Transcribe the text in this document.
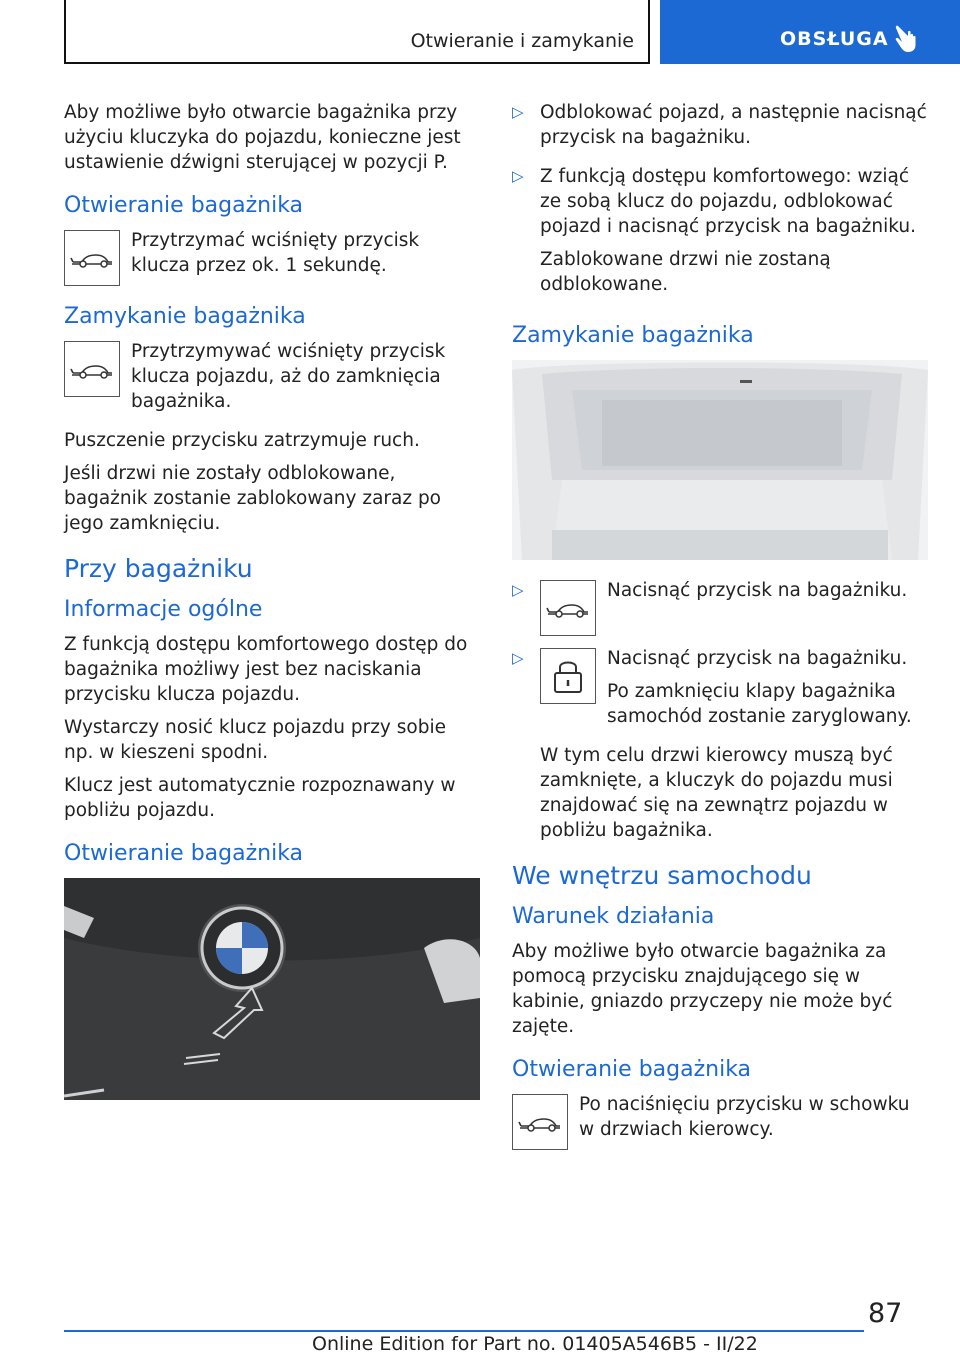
Otwieranie i zamykanie	OBSŁUGA

Aby możliwe było otwarcie bagażnika przy użyciu kluczyka do pojazdu, konieczne jest ustawienie dźwigni sterującej w pozycji P.

Otwieranie bagażnika

Przytrzymać wciśnięty przycisk klucza przez ok. 1 sekundę.

Zamykanie bagażnika

Przytrzymywać wciśnięty przycisk klucza pojazdu, aż do zamknięcia bagażnika.

Puszczenie przycisku zatrzymuje ruch.

Jeśli drzwi nie zostały odblokowane, bagażnik zostanie zablokowany zaraz po jego zamknięciu.

Przy bagażniku
Informacje ogólne

Z funkcją dostępu komfortowego dostęp do bagażnika możliwy jest bez naciskania przycisku klucza pojazdu.

Wystarczy nosić klucz pojazdu przy sobie np. w kieszeni spodni.

Klucz jest automatycznie rozpoznawany w pobliżu pojazdu.

Otwieranie bagażnika
▷ Odblokować pojazd, a następnie nacisnąć przycisk na bagażniku.

▷ Z funkcją dostępu komfortowego: wziąć ze sobą klucz do pojazdu, odblokować pojazd i nacisnąć przycisk na bagażniku.

Zablokowane drzwi nie zostaną odblokowane.

Zamykanie bagażnika
▷	Nacisnąć przycisk na bagażniku.

▷	Nacisnąć przycisk na bagażniku.

Po zamknięciu klapy bagażnika samochód zostanie zaryglowany.

W tym celu drzwi kierowcy muszą być zamknięte, a kluczyk do pojazdu musi znajdować się na zewnątrz pojazdu w pobliżu bagażnika.

We wnętrzu samochodu
Warunek działania

Aby możliwe było otwarcie bagażnika za pomocą przycisku znajdującego się w kabinie, gniazdo przyczepy nie może być zajęte.

Otwieranie bagażnika

Po naciśnięciu przycisku w schowku w drzwiach kierowcy.

87
Online Edition for Part no. 01405A546B5 - II/22
